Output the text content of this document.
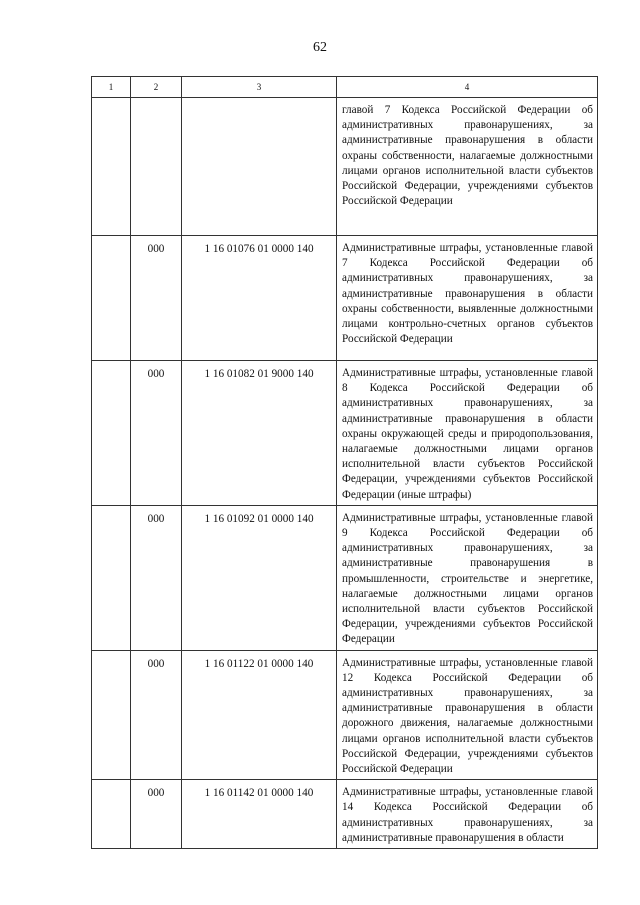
62
1	2	3	4
			главой 7 Кодекса Российской Федерации об административных правонарушениях, за административные правонарушения в области охраны собственности, налагаемые должностными лицами органов исполнительной власти субъектов Российской Федерации, учреждениями субъектов Российской Федерации
	000	1 16 01076 01 0000 140	Административные штрафы, установленные главой 7 Кодекса Российской Федерации об административных правонарушениях, за административные правонарушения в области охраны собственности, выявленные должностными лицами контрольно-счетных органов субъектов Российской Федерации
	000	1 16 01082 01 9000 140	Административные штрафы, установленные главой 8 Кодекса Российской Федерации об административных правонарушениях, за административные правонарушения в области охраны окружающей среды и природопользования, налагаемые должностными лицами органов исполнительной власти субъектов Российской Федерации, учреждениями субъектов Российской Федерации (иные штрафы)
	000	1 16 01092 01 0000 140	Административные штрафы, установленные главой 9 Кодекса Российской Федерации об административных правонарушениях, за административные правонарушения в промышленности, строительстве и энергетике, налагаемые должностными лицами органов исполнительной власти субъектов Российской Федерации, учреждениями субъектов Российской Федерации
	000	1 16 01122 01 0000 140	Административные штрафы, установленные главой 12 Кодекса Российской Федерации об административных правонарушениях, за административные правонарушения в области дорожного движения, налагаемые должностными лицами органов исполнительной власти субъектов Российской Федерации, учреждениями субъектов Российской Федерации
	000	1 16 01142 01 0000 140	Административные штрафы, установленные главой 14 Кодекса Российской Федерации об административных правонарушениях, за административные правонарушения в области
